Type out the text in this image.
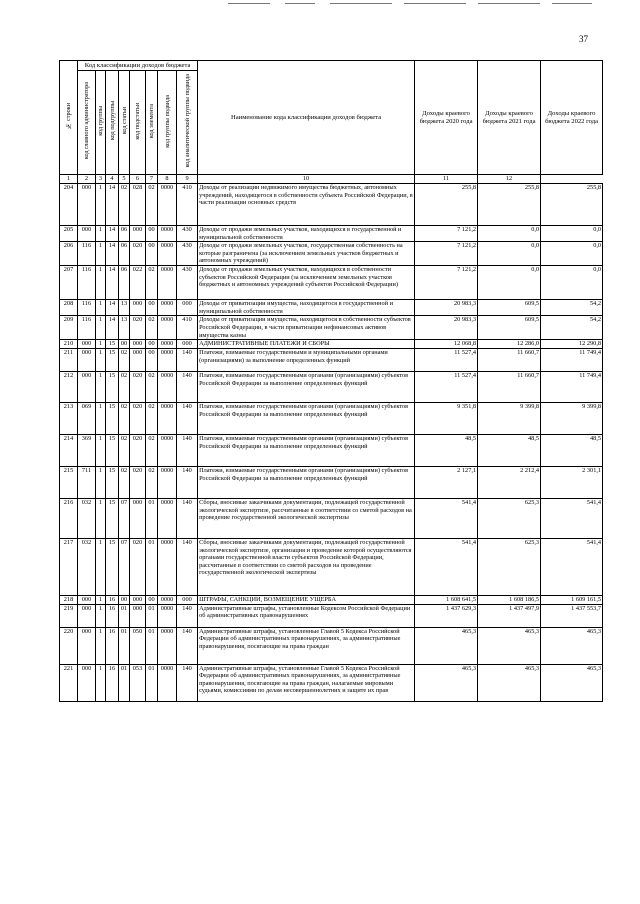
37
№ строки	Код классификации доходов бюджета								Наименование кода классификации доходов бюджета	Доходы краевого бюджета 2020 года	Доходы краевого бюджета 2021 года	Доходы краевого бюджета 2022 года
	код главного администратора	код группы	код подгруппы	код статьи	код подстатьи	код элемента	код группы подвида	код аналитической группы подвида				
1	2	3	4	5	6	7	8	9	10	11	12	
204	000	1	14	02	028	02	0000	410	Доходы от реализации недвижимого имущества бюджетных, автономных учреждений, находящегося в собственности субъекта Российской Федерации, в части реализации основных средств	255,8	255,8	255,8
205	000	1	14	06	000	00	0000	430	Доходы от продажи земельных участков, находящихся в государственной и муниципальной собственности	7 121,2	0,0	0,0
206	116	1	14	06	020	00	0000	430	Доходы от продажи земельных участков, государственная собственность на которые разграничена (за исключением земельных участков бюджетных и автономных учреждений)	7 121,2	0,0	0,0
207	116	1	14	06	022	02	0000	430	Доходы от продажи земельных участков, находящихся в собственности субъектов Российской Федерации (за исключением земельных участков бюджетных и автономных учреждений субъектов Российской Федерации)	7 121,2	0,0	0,0
208	116	1	14	13	000	00	0000	000	Доходы от приватизации имущества, находящегося в государственной и муниципальной собственности	20 983,3	609,5	54,2
209	116	1	14	13	020	02	0000	410	Доходы от приватизации имущества, находящегося в собственности субъектов Российской Федерации, в части приватизации нефинансовых активов имущества казны	20 983,3	609,5	54,2
210	000	1	15	00	000	00	0000	000	АДМИНИСТРАТИВНЫЕ ПЛАТЕЖИ И СБОРЫ	12 068,8	12 286,0	12 290,8
211	000	1	15	02	000	00	0000	140	Платежи, взимаемые государственными и муниципальными органами (организациями) за выполнение определенных функций	11 527,4	11 660,7	11 749,4
212	000	1	15	02	020	02	0000	140	Платежи, взимаемые государственными органами (организациями) субъектов Российской Федерации за выполнение определенных функций	11 527,4	11 660,7	11 749,4
213	069	1	15	02	020	02	0000	140	Платежи, взимаемые государственными органами (организациями) субъектов Российской Федерации за выполнение определенных функций	9 351,8	9 399,8	9 399,8
214	369	1	15	02	020	02	0000	140	Платежи, взимаемые государственными органами (организациями) субъектов Российской Федерации за выполнение определенных функций	48,5	48,5	48,5
215	711	1	15	02	020	02	0000	140	Платежи, взимаемые государственными органами (организациями) субъектов Российской Федерации за выполнение определенных функций	2 127,1	2 212,4	2 301,1
216	032	1	15	07	000	01	0000	140	Сборы, вносимые заказчиками документации, подлежащей государственной экологической экспертизе, рассчитанные в соответствии со сметой расходов на проведение государственной экологической экспертизы	541,4	625,3	541,4
217	032	1	15	07	020	01	0000	140	Сборы, вносимые заказчиками документации, подлежащей государственной экологической экспертизе, организация и проведение которой осуществляются органами государственной власти субъектов Российской Федерации, рассчитанные в соответствии со сметой расходов на проведение государственной экологической экспертизы	541,4	625,3	541,4
218	000	1	16	00	000	00	0000	000	ШТРАФЫ, САНКЦИИ, ВОЗМЕЩЕНИЕ УЩЕРБА	1 608 641,5	1 608 186,5	1 609 161,5
219	000	1	16	01	000	01	0000	140	Административные штрафы, установленные Кодексом Российской Федерации об административных правонарушениях	1 437 629,3	1 437 497,9	1 437 553,7
220	000	1	16	01	050	01	0000	140	Административные штрафы, установленные Главой 5 Кодекса Российской Федерации об административных правонарушениях, за административные правонарушения, посягающие на права граждан	465,3	465,3	465,3
221	000	1	16	01	053	01	0000	140	Административные штрафы, установленные Главой 5 Кодекса Российской Федерации об административных правонарушениях, за административные правонарушения, посягающие на права граждан, налагаемые мировыми судьями, комиссиями по делам несовершеннолетних и защите их прав	465,3	465,3	465,3
